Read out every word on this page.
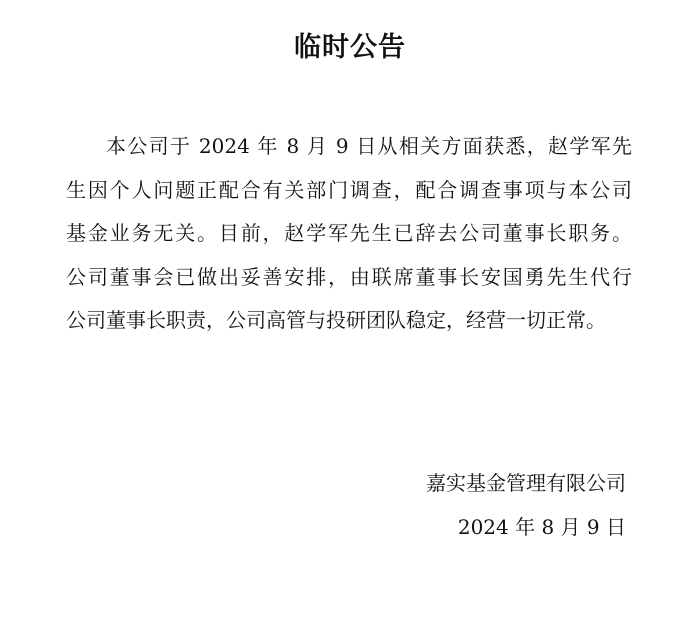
临时公告
本公司于 2024 年 8 月 9 日从相关方面获悉，赵学军先
生因个人问题正配合有关部门调查，配合调查事项与本公司
基金业务无关。目前，赵学军先生已辞去公司董事长职务。
公司董事会已做出妥善安排，由联席董事长安国勇先生代行
公司董事长职责，公司高管与投研团队稳定，经营一切正常。
嘉实基金管理有限公司
2024 年 8 月 9 日
